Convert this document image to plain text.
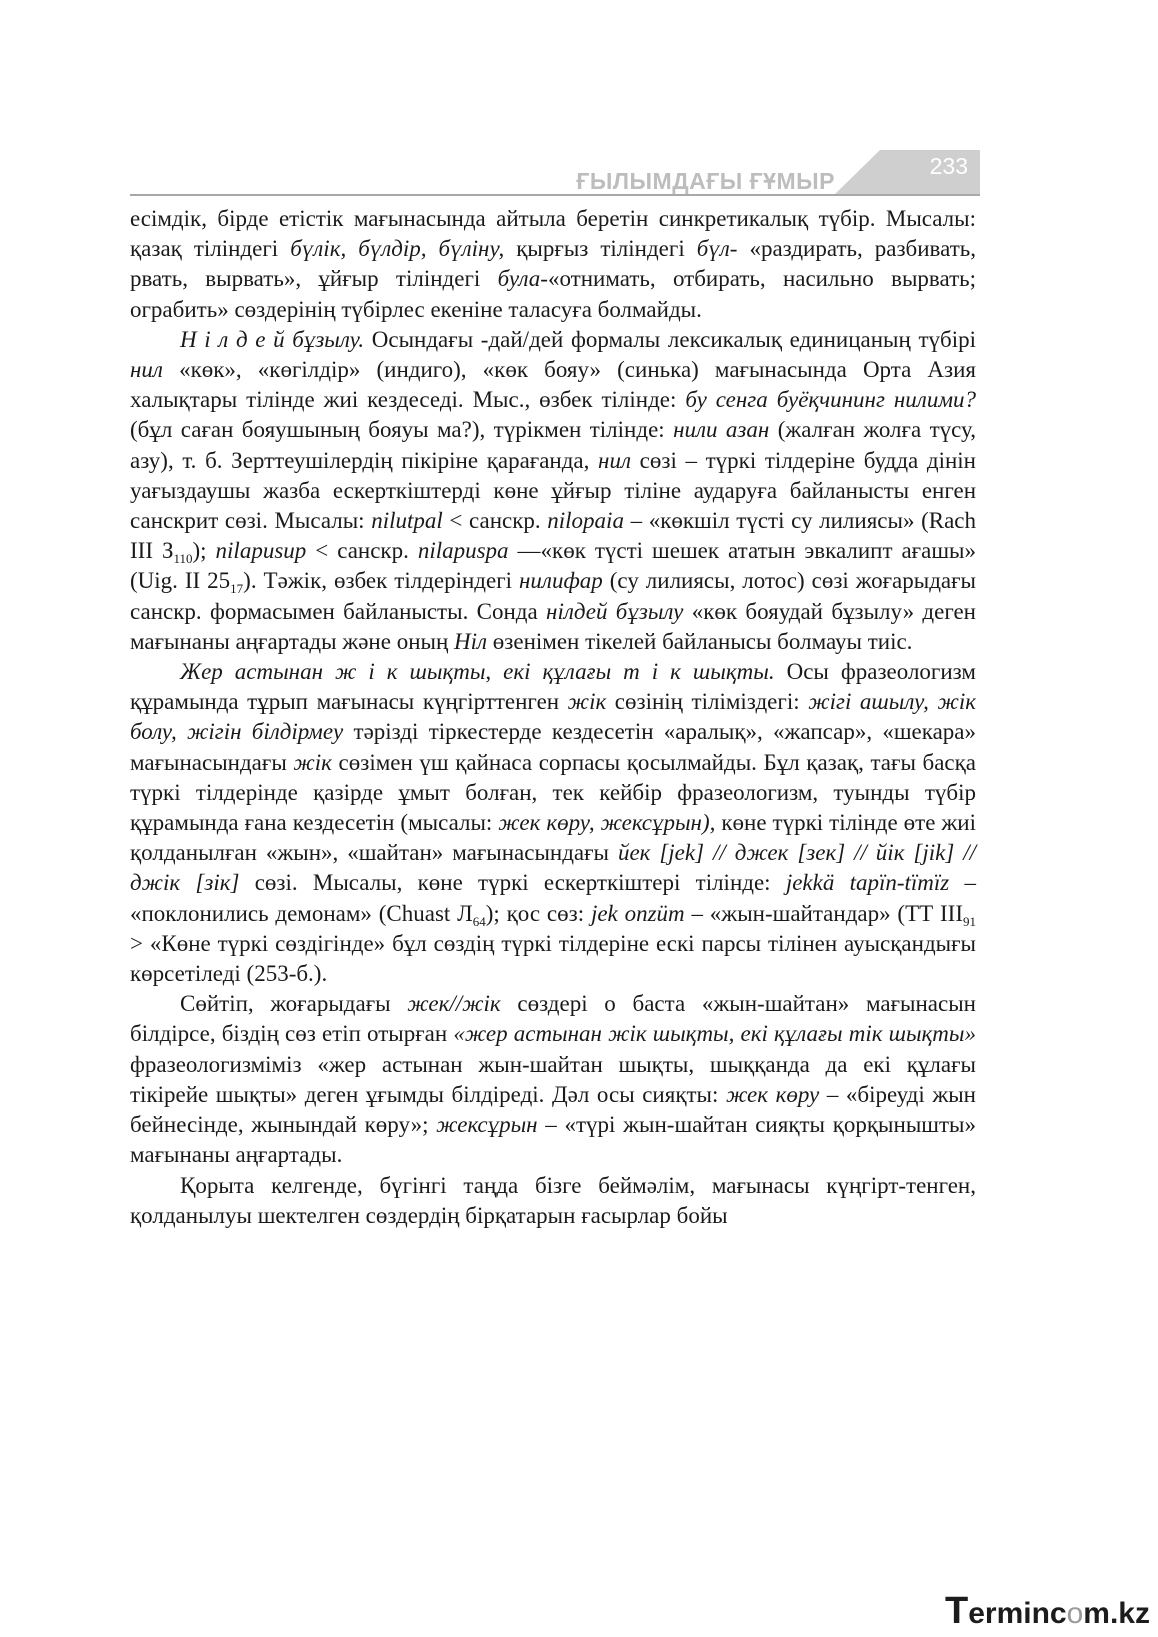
ҒЫЛЫМДАҒЫ ҒҰМЫР
233

есімдік, бірде етістік мағынасында айтыла беретін синкретикалық түбір. Мысалы: қазақ тіліндегі бүлік, бүлдір, бүліну, қырғыз тіліндегі бүл- «раздирать, разбивать, рвать, вырвать», ұйғыр тіліндегі була-«отнимать, отбирать, насильно вырвать; ограбить» сөздерінің түбірлес екеніне таласуға болмайды.

Н і л д е й бұзылу. Осындағы -дай/дей формалы лексикалық единицаның түбірі нил «көк», «көгілдір» (индиго), «көк бояу» (синька) мағынасында Орта Азия халықтары тілінде жиі кездеседі. Мыс., өзбек тілінде: бу сенга буёқчининг нилими? (бұл саған бояушының бояуы ма?), түрікмен тілінде: нили азан (жалған жолға түсу, азу), т. б. Зерттеушілердің пікіріне қарағанда, нил сөзі – түркі тілдеріне будда дінін уағыздаушы жазба ескерткіштерді көне ұйғыр тіліне аударуға байланысты енген санскрит сөзі. Мысалы: nilutpal < санскр. nilopaia – «көкшіл түсті су лилиясы» (Rach III $З_{110}$); nilapusup < санскр. nilapuspa —«көк түсті шешек ататын эвкалипт ағашы» (Uig. II $25_{17}$). Тәжік, өзбек тілдеріндегі нилифар (су лилиясы, лотос) сөзі жоғарыдағы санскр. формасымен байланысты. Сонда нілдей бұзылу «көк бояудай бұзылу» деген мағынаны аңғартады және оның Ніл өзенімен тікелей байланысы болмауы тиіс.

Жер астынан ж і к шықты, екі құлағы т і к шықты. Осы фразеологизм құрамында тұрып мағынасы күңгірттенген жік сөзінің тіліміздегі: жігі ашылу, жік болу, жігін білдірмеу тәрізді тіркестерде кездесетін «аралық», «жапсар», «шекара» мағынасындағы жік сөзімен үш қайнаса сорпасы қосылмайды. Бұл қазақ, тағы басқа түркі тілдерінде қазірде ұмыт болған, тек кейбір фразеологизм, туынды түбір құрамында ғана кездесетін (мысалы: жек көру, жексұрын), көне түркі тілінде өте жиі қолданылған «жын», «шайтан» мағынасындағы йек [jek] // джек [зек] // йік [jik] // джік [зік] сөзі. Мысалы, көне түркі ескерткіштері тілінде: jekkä tapïn-tïmïz – «поклонились демонам» (Chuast $Л_{64}$); қос сөз: jek onzüm – «жын-шайтандар» (ТТ $III_{91}$ > «Көне түркі сөздігінде» бұл сөздің түркі тілдеріне ескі парсы тілінен ауысқандығы көрсетіледі (253-б.).

Сөйтіп, жоғарыдағы жек//жік сөздері о баста «жын-шайтан» мағынасын білдірсе, біздің сөз етіп отырған «жер астынан жік шықты, екі құлағы тік шықты» фразеологизміміз «жер астынан жын-шайтан шықты, шыққанда да екі құлағы тікірейе шықты» деген ұғымды білдіреді. Дәл осы сияқты: жек көру – «біреуді жын бейнесінде, жынындай көру»; жексұрын – «түрі жын-шайтан сияқты қорқынышты» мағынаны аңғартады.

Қорыта келгенде, бүгінгі таңда бізге беймәлім, мағынасы күңгірт-тенген, қолданылуы шектелген сөздердің бірқатарын ғасырлар бойы

Termincom.kz
